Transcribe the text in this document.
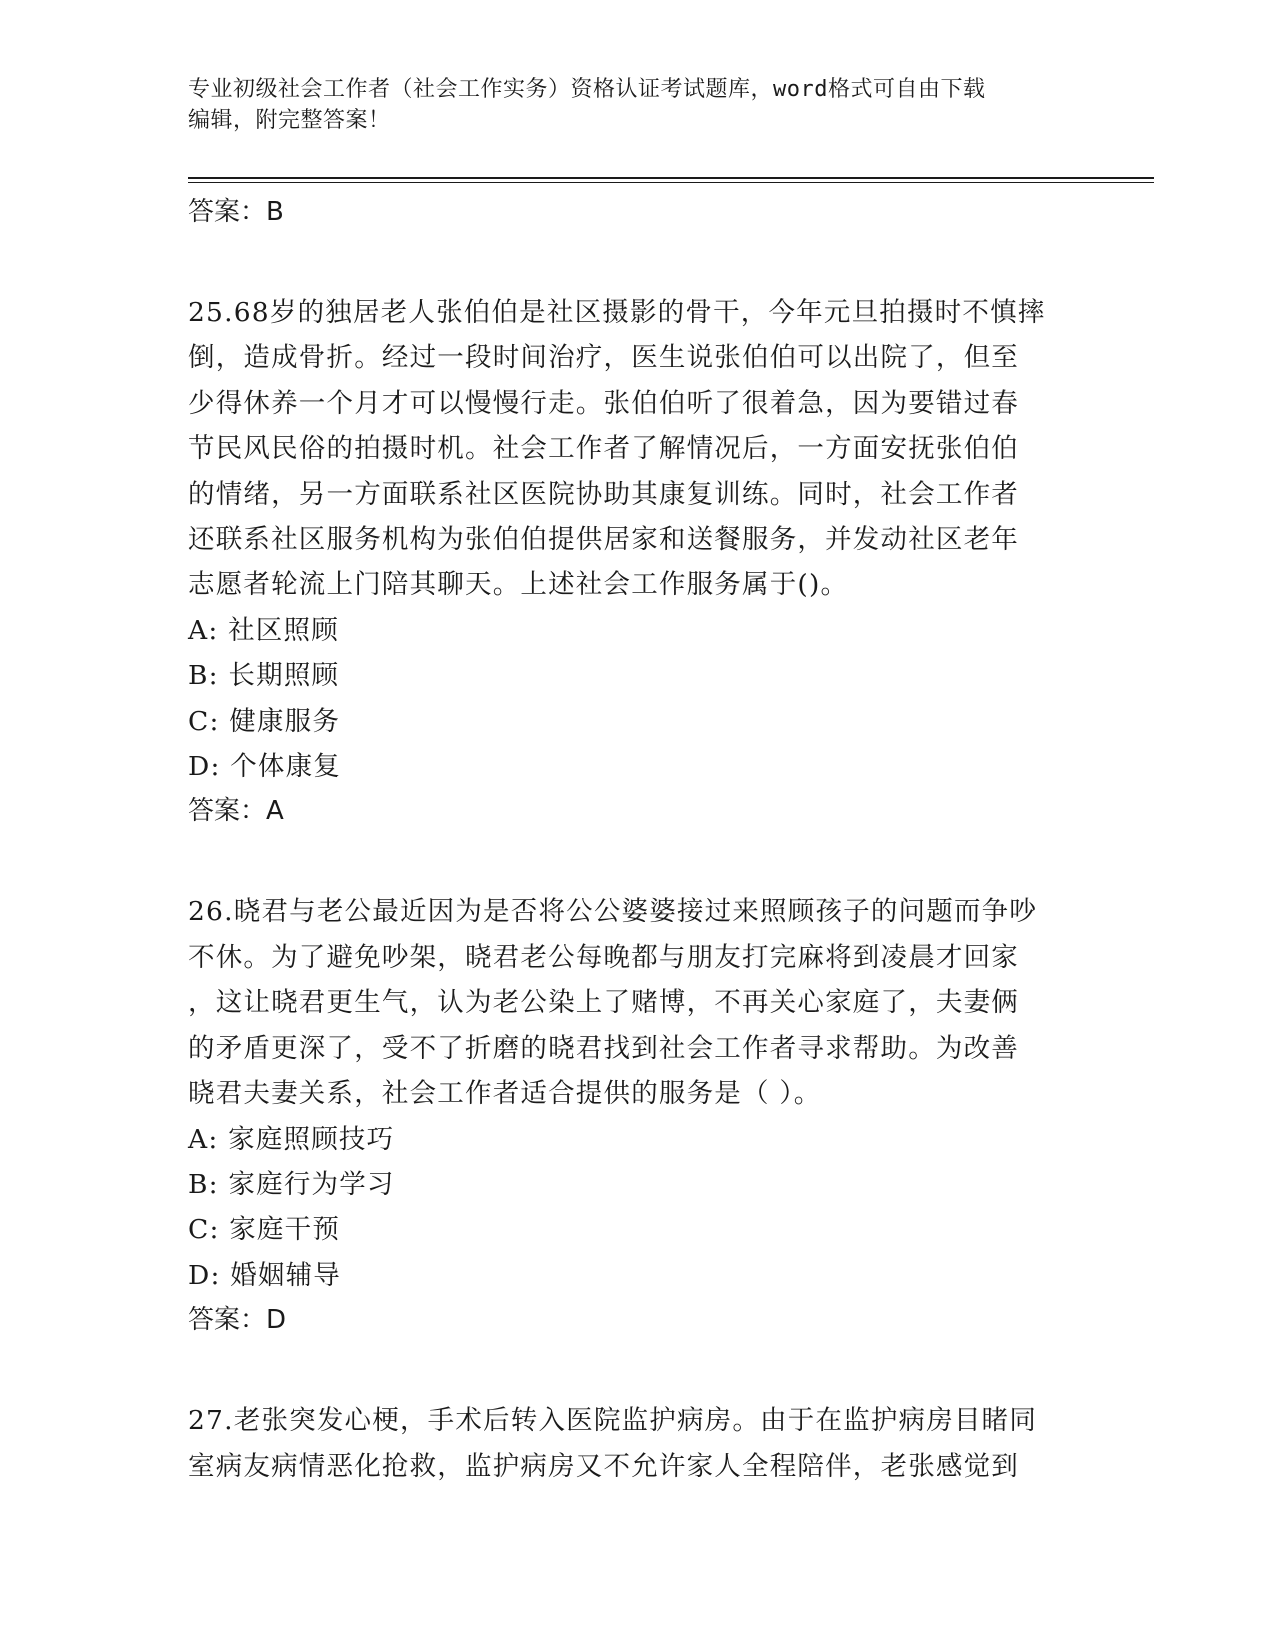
专业初级社会工作者（社会工作实务）资格认证考试题库，word格式可自由下载
编辑，附完整答案！

答案：B

25.68岁的独居老人张伯伯是社区摄影的骨干，今年元旦拍摄时不慎摔
倒，造成骨折。经过一段时间治疗，医生说张伯伯可以出院了，但至
少得休养一个月才可以慢慢行走。张伯伯听了很着急，因为要错过春
节民风民俗的拍摄时机。社会工作者了解情况后，一方面安抚张伯伯
的情绪，另一方面联系社区医院协助其康复训练。同时，社会工作者
还联系社区服务机构为张伯伯提供居家和送餐服务，并发动社区老年
志愿者轮流上门陪其聊天。上述社会工作服务属于()。

A: 社区照顾

B: 长期照顾

C: 健康服务

D: 个体康复

答案：A

26.晓君与老公最近因为是否将公公婆婆接过来照顾孩子的问题而争吵
不休。为了避免吵架，晓君老公每晚都与朋友打完麻将到凌晨才回家
，这让晓君更生气，认为老公染上了赌博，不再关心家庭了，夫妻俩
的矛盾更深了，受不了折磨的晓君找到社会工作者寻求帮助。为改善
晓君夫妻关系，社会工作者适合提供的服务是（ ）。

A: 家庭照顾技巧

B: 家庭行为学习

C: 家庭干预

D: 婚姻辅导

答案：D

27.老张突发心梗，手术后转入医院监护病房。由于在监护病房目睹同
室病友病情恶化抢救，监护病房又不允许家人全程陪伴，老张感觉到
